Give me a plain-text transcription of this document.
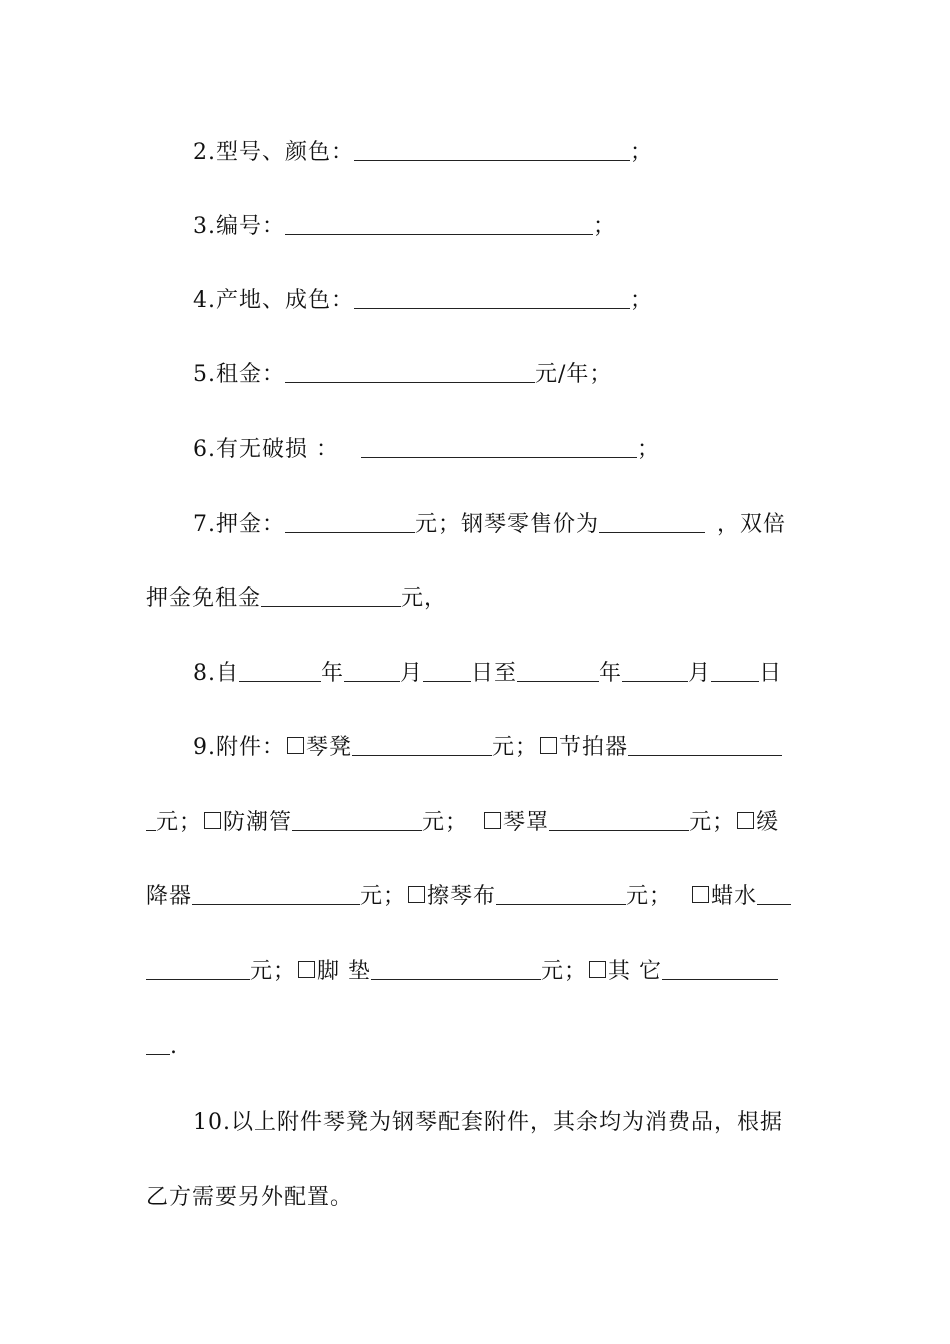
2.型号、颜色：	；
3.编号：	；
4.产地、成色：	；
5.租金：	元/年；
6.有无破损 ：	；
7.押金：	元；钢琴零售价为	，双倍
押金免租金	元，
8.自	年	月 日至	年	月 日
9.附件： 琴凳	元； 节拍器
元； 防潮管	元； 琴罩	元； 缓
降器	元； 擦琴布	元； 蜡水
元； 脚 垫	元； 其 它
.
10.以上附件琴凳为钢琴配套附件，其余均为消费品，根据
乙方需要另外配置。
